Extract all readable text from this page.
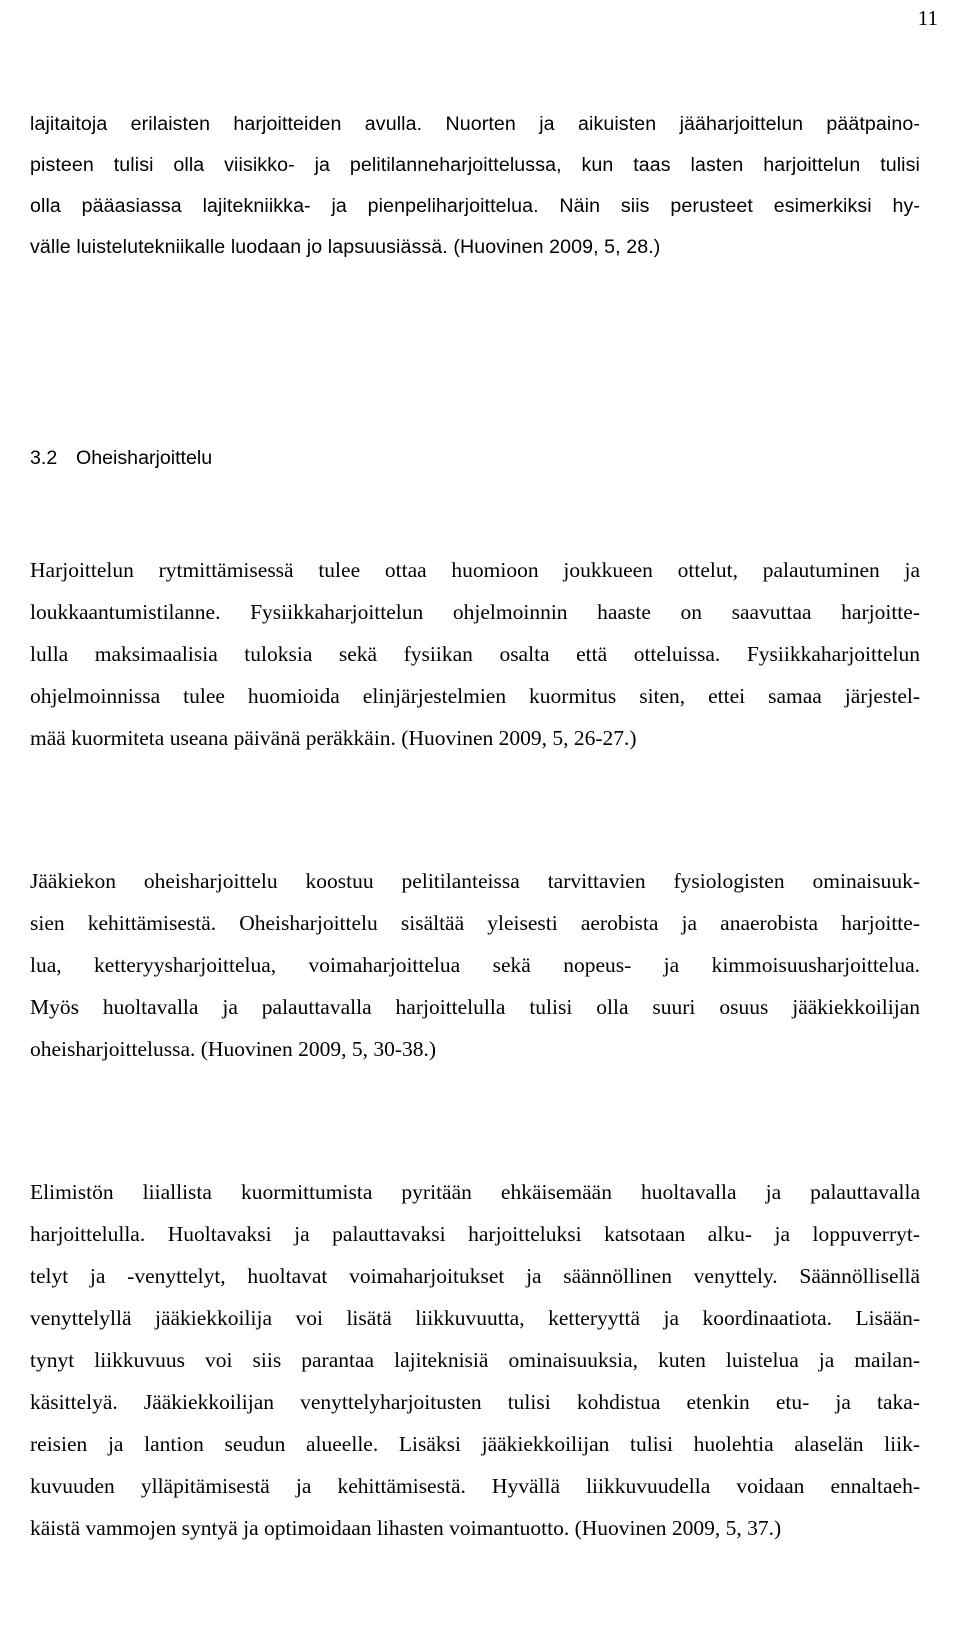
11
lajitaitoja erilaisten harjoitteiden avulla. Nuorten ja aikuisten jääharjoittelun päätpaino-
pisteen tulisi olla viisikko- ja pelitilanneharjoittelussa, kun taas lasten harjoittelun tulisi
olla pääasiassa lajitekniikka- ja pienpeliharjoittelua. Näin siis perusteet esimerkiksi hy-
välle luistelutekniikalle luodaan jo lapsuusiässä. (Huovinen 2009, 5, 28.)
3.2 Oheisharjoittelu
Harjoittelun rytmittämisessä tulee ottaa huomioon joukkueen ottelut, palautuminen ja
loukkaantumistilanne. Fysiikkaharjoittelun ohjelmoinnin haaste on saavuttaa harjoitte-
lulla maksimaalisia tuloksia sekä fysiikan osalta että otteluissa. Fysiikkaharjoittelun
ohjelmoinnissa tulee huomioida elinjärjestelmien kuormitus siten, ettei samaa järjestel-
mää kuormiteta useana päivänä peräkkäin. (Huovinen 2009, 5, 26-27.)
Jääkiekon oheisharjoittelu koostuu pelitilanteissa tarvittavien fysiologisten ominaisuuk-
sien kehittämisestä. Oheisharjoittelu sisältää yleisesti aerobista ja anaerobista harjoitte-
lua, ketteryysharjoittelua, voimaharjoittelua sekä nopeus- ja kimmoisuusharjoittelua.
Myös huoltavalla ja palauttavalla harjoittelulla tulisi olla suuri osuus jääkiekkoilijan
oheisharjoittelussa. (Huovinen 2009, 5, 30-38.)
Elimistön liiallista kuormittumista pyritään ehkäisemään huoltavalla ja palauttavalla
harjoittelulla. Huoltavaksi ja palauttavaksi harjoitteluksi katsotaan alku- ja loppuverryt-
telyt ja -venyttelyt, huoltavat voimaharjoitukset ja säännöllinen venyttely. Säännöllisellä
venyttelyllä jääkiekkoilija voi lisätä liikkuvuutta, ketteryyttä ja koordinaatiota. Lisään-
tynyt liikkuvuus voi siis parantaa lajiteknisiä ominaisuuksia, kuten luistelua ja mailan-
käsittelyä. Jääkiekkoilijan venyttelyharjoitusten tulisi kohdistua etenkin etu- ja taka-
reisien ja lantion seudun alueelle. Lisäksi jääkiekkoilijan tulisi huolehtia alaselän liik-
kuvuuden ylläpitämisestä ja kehittämisestä. Hyvällä liikkuvuudella voidaan ennaltaeh-
käistä vammojen syntyä ja optimoidaan lihasten voimantuotto. (Huovinen 2009, 5, 37.)
